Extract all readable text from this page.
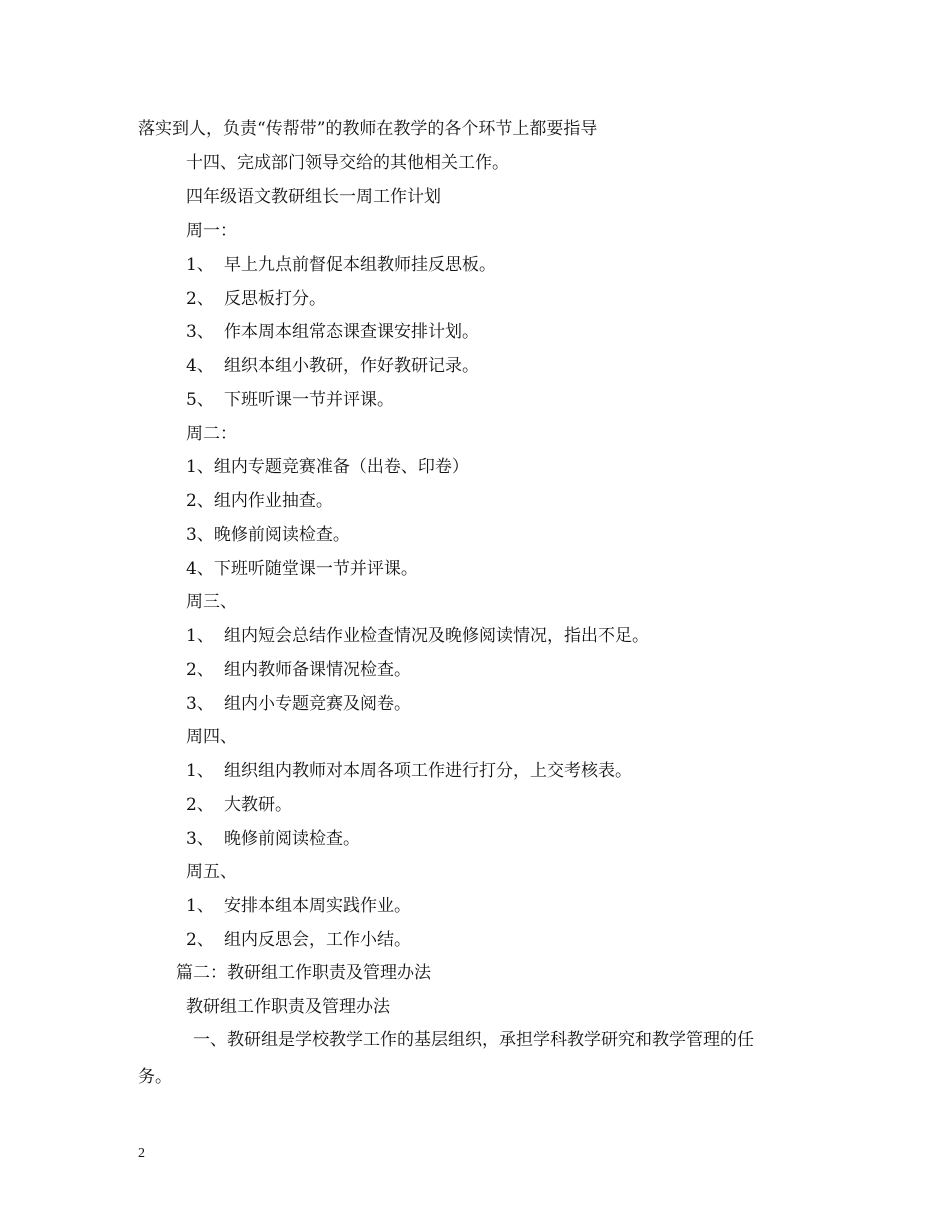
落实到人，负责“传帮带”的教师在教学的各个环节上都要指导
十四、完成部门领导交给的其他相关工作。
四年级语文教研组长一周工作计划
周一：
1、 早上九点前督促本组教师挂反思板。
2、 反思板打分。
3、 作本周本组常态课查课安排计划。
4、 组织本组小教研，作好教研记录。
5、 下班听课一节并评课。
周二：
1、组内专题竞赛准备（出卷、印卷）
2、组内作业抽查。
3、晚修前阅读检查。
4、下班听随堂课一节并评课。
周三、
1、 组内短会总结作业检查情况及晚修阅读情况，指出不足。
2、 组内教师备课情况检查。
3、 组内小专题竞赛及阅卷。
周四、
1、 组织组内教师对本周各项工作进行打分，上交考核表。
2、 大教研。
3、 晚修前阅读检查。
周五、
1、 安排本组本周实践作业。
2、 组内反思会，工作小结。
篇二：教研组工作职责及管理办法
教研组工作职责及管理办法
一、教研组是学校教学工作的基层组织，承担学科教学研究和教学管理的任
务。
2
